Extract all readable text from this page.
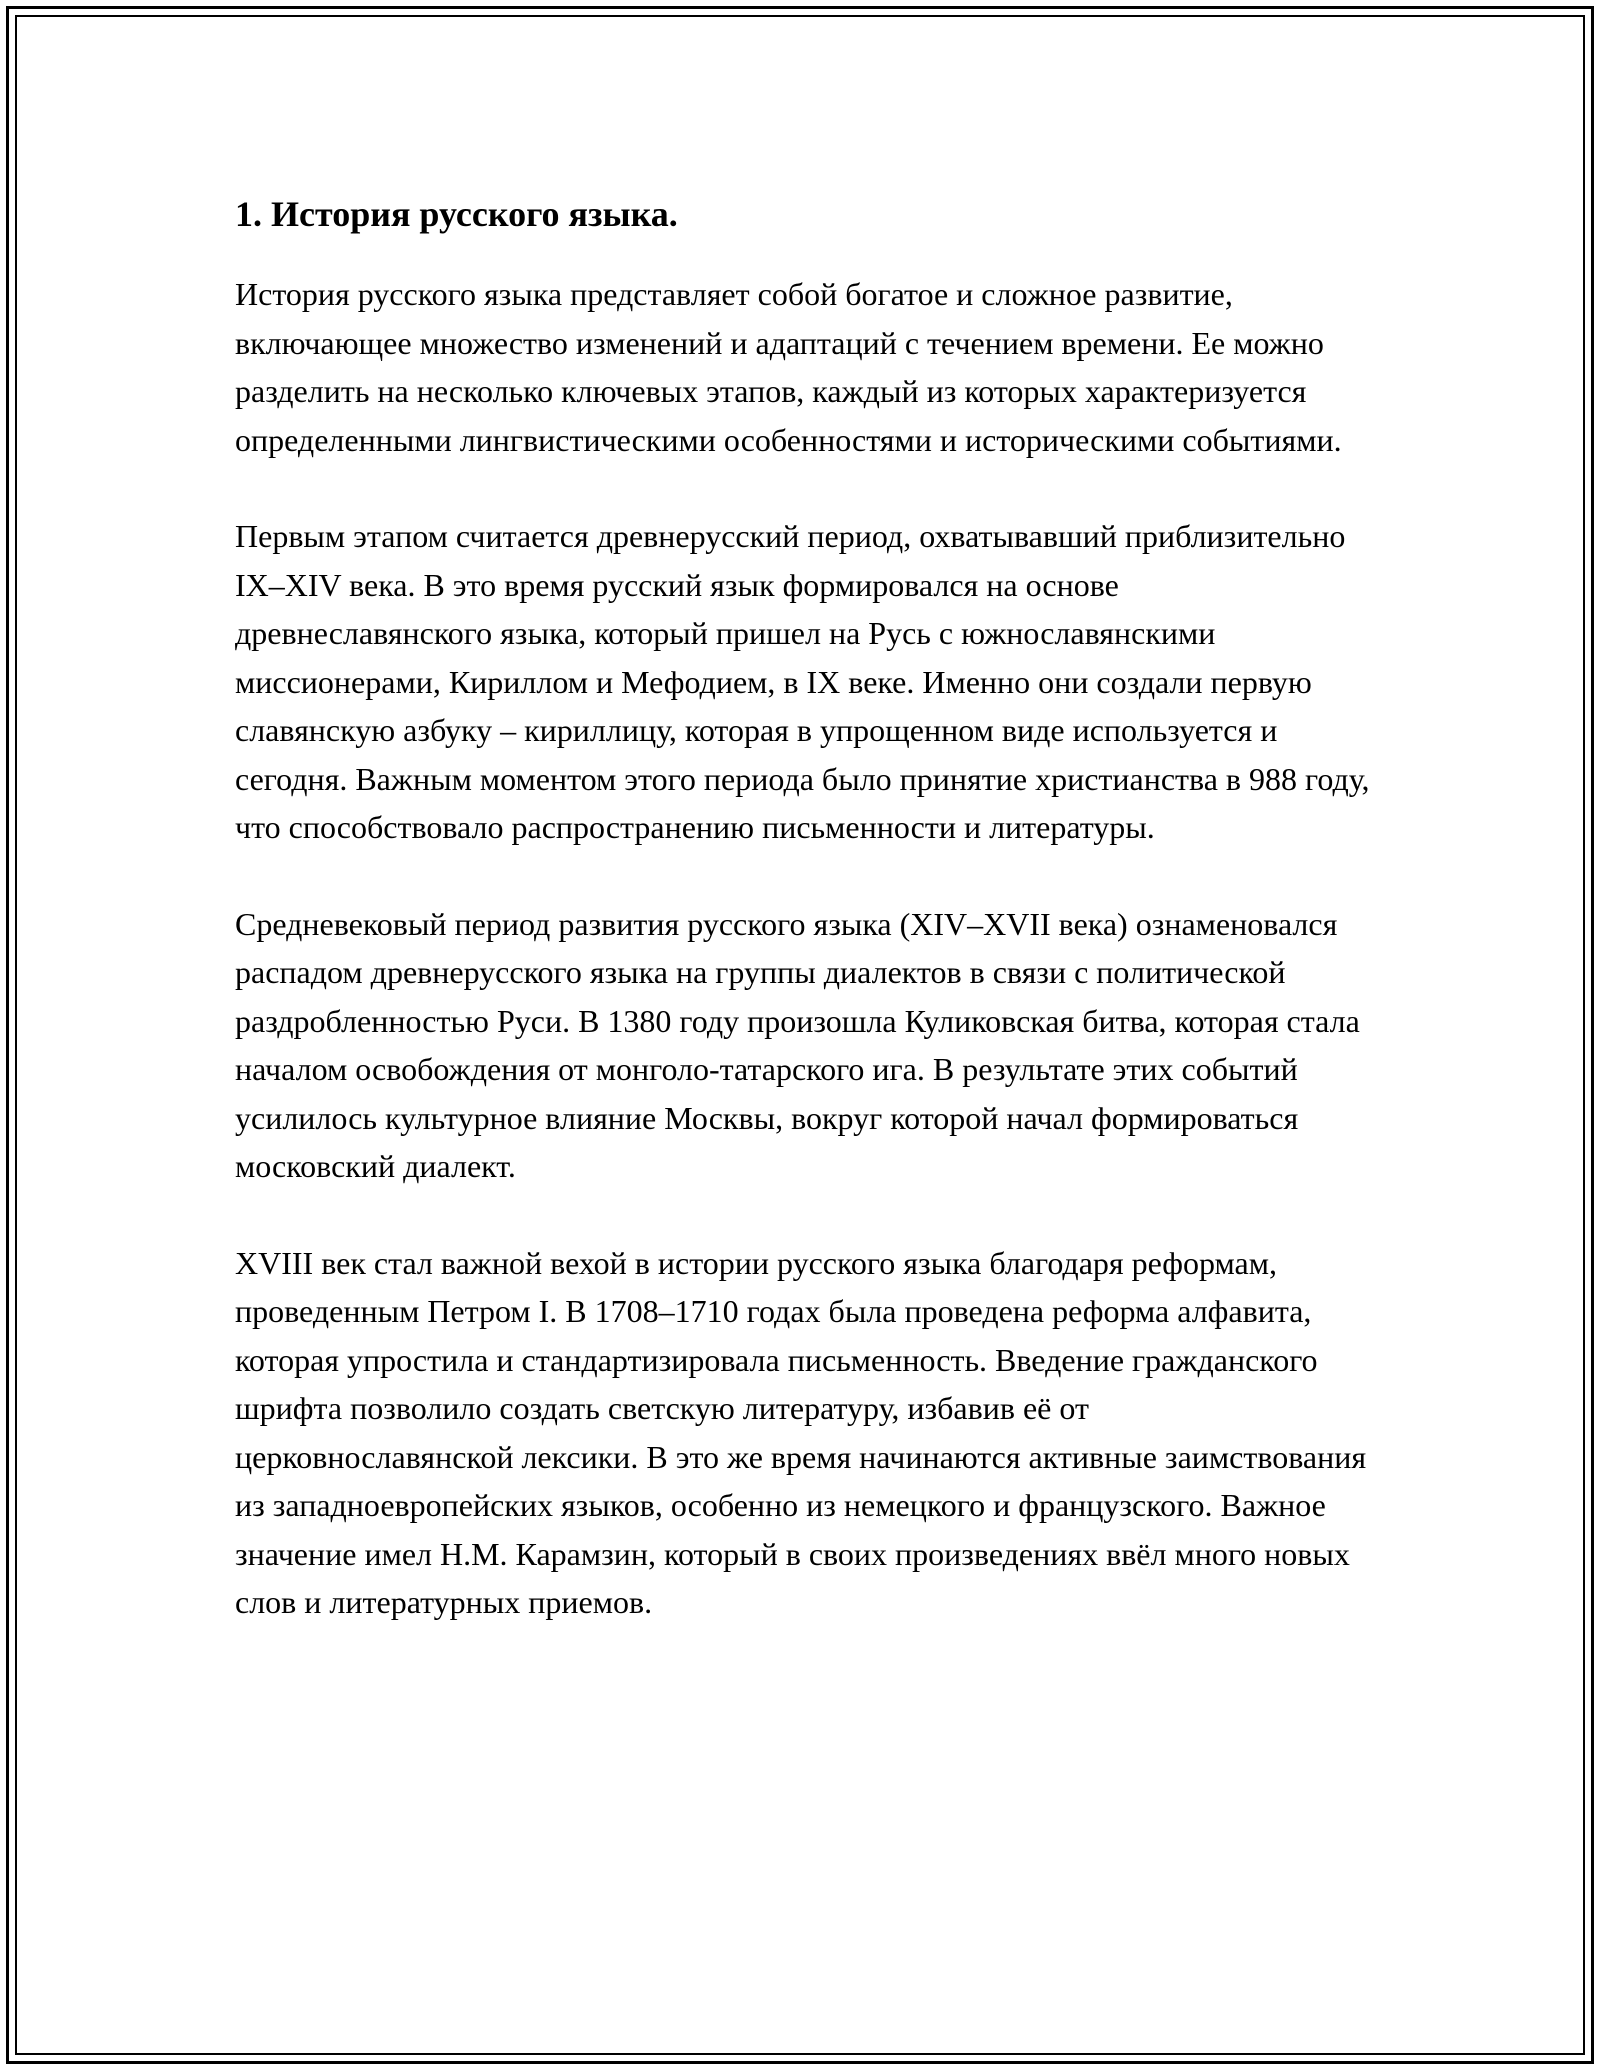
1. История русского языка.

История русского языка представляет собой богатое и сложное развитие, включающее множество изменений и адаптаций с течением времени. Ее можно разделить на несколько ключевых этапов, каждый из которых характеризуется определенными лингвистическими особенностями и историческими событиями.

Первым этапом считается древнерусский период, охватывавший приблизительно IX–XIV века. В это время русский язык формировался на основе древнеславянского языка, который пришел на Русь с южнославянскими миссионерами, Кириллом и Мефодием, в IX веке. Именно они создали первую славянскую азбуку – кириллицу, которая в упрощенном виде используется и сегодня. Важным моментом этого периода было принятие христианства в 988 году, что способствовало распространению письменности и литературы.

Средневековый период развития русского языка (XIV–XVII века) ознаменовался распадом древнерусского языка на группы диалектов в связи с политической раздробленностью Руси. В 1380 году произошла Куликовская битва, которая стала началом освобождения от монголо-татарского ига. В результате этих событий усилилось культурное влияние Москвы, вокруг которой начал формироваться московский диалект.

XVIII век стал важной вехой в истории русского языка благодаря реформам, проведенным Петром I. В 1708–1710 годах была проведена реформа алфавита, которая упростила и стандартизировала письменность. Введение гражданского шрифта позволило создать светскую литературу, избавив её от церковнославянской лексики. В это же время начинаются активные заимствования из западноевропейских языков, особенно из немецкого и французского. Важное значение имел Н.М. Карамзин, который в своих произведениях ввёл много новых слов и литературных приемов.
